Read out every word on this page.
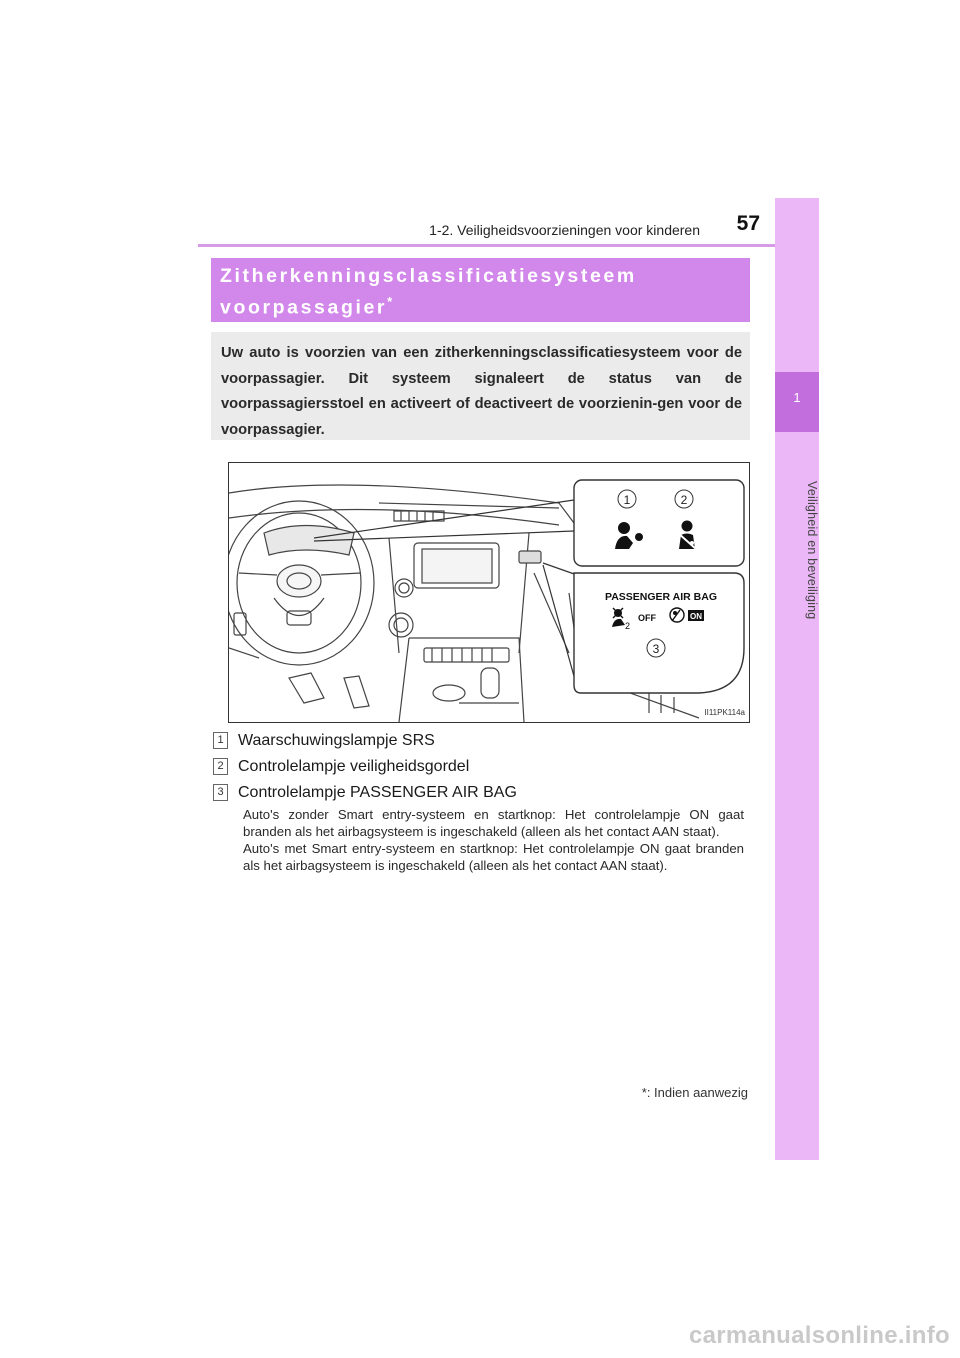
1-2. Veiligheidsvoorzieningen voor kinderen	57
1
Veiligheid en beveiliging
Zitherkenningsclassificatiesysteem
voorpassagier*
Uw auto is voorzien van een zitherkenningsclassificatiesysteem voor de voorpassagier. Dit systeem signaleert de status van de voorpassagiersstoel en activeert of deactiveert de voorzienin-gen voor de voorpassagier.
1	2
PASSENGER AIR BAG
2
OFF	ON
3
II11PK114a
1 Waarschuwingslampje SRS
2 Controlelampje veiligheidsgordel
3 Controlelampje PASSENGER AIR BAG

Auto's zonder Smart entry-systeem en startknop: Het controlelampje ON gaat branden als het airbagsysteem is ingeschakeld (alleen als het contact AAN staat).

Auto's met Smart entry-systeem en startknop: Het controlelampje ON gaat branden als het airbagsysteem is ingeschakeld (alleen als het contact AAN staat).

*: Indien aanwezig
carmanualsonline.info
